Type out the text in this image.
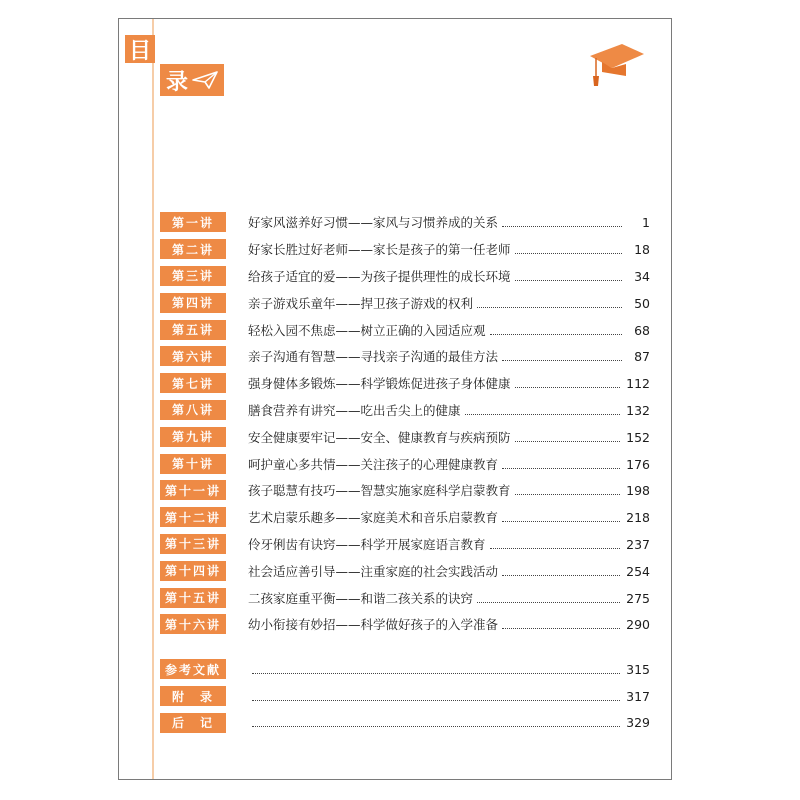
目
录
第一讲	好家风滋养好习惯——家风与习惯养成的关系	1
第二讲	好家长胜过好老师——家长是孩子的第一任老师	18
第三讲	给孩子适宜的爱——为孩子提供理性的成长环境	34
第四讲	亲子游戏乐童年——捍卫孩子游戏的权利	50
第五讲	轻松入园不焦虑——树立正确的入园适应观	68
第六讲	亲子沟通有智慧——寻找亲子沟通的最佳方法	87
第七讲	强身健体多锻炼——科学锻炼促进孩子身体健康	112
第八讲	膳食营养有讲究——吃出舌尖上的健康	132
第九讲	安全健康要牢记——安全、健康教育与疾病预防	152
第十讲	呵护童心多共情——关注孩子的心理健康教育	176
第十一讲	孩子聪慧有技巧——智慧实施家庭科学启蒙教育	198
第十二讲	艺术启蒙乐趣多——家庭美术和音乐启蒙教育	218
第十三讲	伶牙俐齿有诀窍——科学开展家庭语言教育	237
第十四讲	社会适应善引导——注重家庭的社会实践活动	254
第十五讲	二孩家庭重平衡——和谐二孩关系的诀窍	275
第十六讲	幼小衔接有妙招——科学做好孩子的入学准备	290
参考文献	315
附　录	317
后　记	329
